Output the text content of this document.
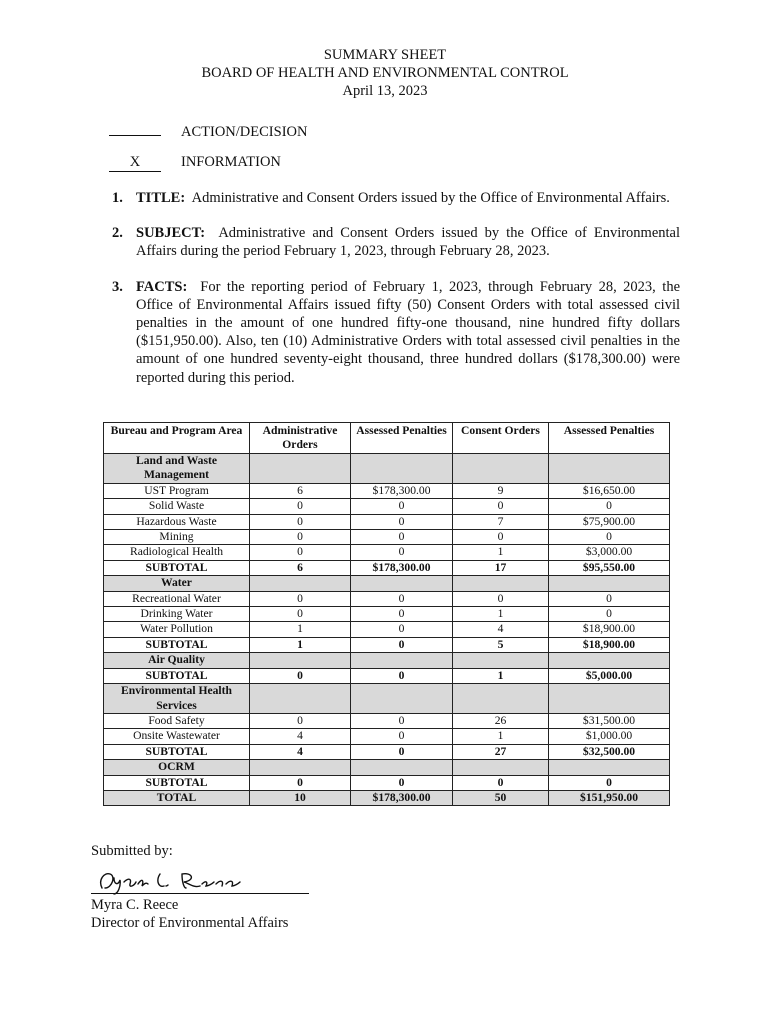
SUMMARY SHEET
BOARD OF HEALTH AND ENVIRONMENTAL CONTROL
April 13, 2023
ACTION/DECISION
X	INFORMATION
1. TITLE: Administrative and Consent Orders issued by the Office of Environmental Affairs.
2. SUBJECT: Administrative and Consent Orders issued by the Office of Environmental Affairs during the period February 1, 2023, through February 28, 2023.
3. FACTS: For the reporting period of February 1, 2023, through February 28, 2023, the Office of Environmental Affairs issued fifty (50) Consent Orders with total assessed civil penalties in the amount of one hundred fifty-one thousand, nine hundred fifty dollars ($151,950.00). Also, ten (10) Administrative Orders with total assessed civil penalties in the amount of one hundred seventy-eight thousand, three hundred dollars ($178,300.00) were reported during this period.
Bureau and Program Area	Administrative Orders	Assessed Penalties	Consent Orders	Assessed Penalties
Land and Waste Management				
UST Program	6	$178,300.00	9	$16,650.00
Solid Waste	0	0	0	0
Hazardous Waste	0	0	7	$75,900.00
Mining	0	0	0	0
Radiological Health	0	0	1	$3,000.00
SUBTOTAL	6	$178,300.00	17	$95,550.00
Water				
Recreational Water	0	0	0	0
Drinking Water	0	0	1	0
Water Pollution	1	0	4	$18,900.00
SUBTOTAL	1	0	5	$18,900.00
Air Quality				
SUBTOTAL	0	0	1	$5,000.00
Environmental Health Services				
Food Safety	0	0	26	$31,500.00
Onsite Wastewater	4	0	1	$1,000.00
SUBTOTAL	4	0	27	$32,500.00
OCRM				
SUBTOTAL	0	0	0	0
TOTAL	10	$178,300.00	50	$151,950.00
Submitted by:
Myra C. Reece
Director of Environmental Affairs
